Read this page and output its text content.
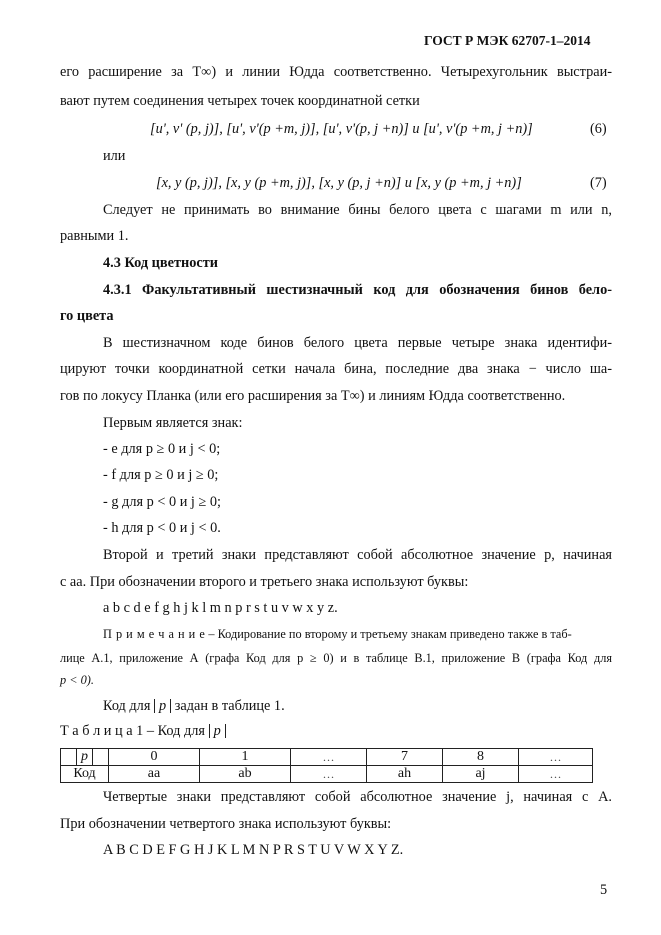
ГОСТ Р МЭК 62707-1–2014
его расширение за T∞) и линии Юдда соответственно. Четырехугольник выстраи-
вают путем соединения четырех точек координатной сетки
[u', v' (p, j)], [u', v'(p +m, j)], [u', v'(p, j +n)] и [u', v'(p +m, j +n)]	(6)
или
[x, y (p, j)], [x, y (p +m, j)], [x, y (p, j +n)] и [x, y (p +m, j +n)]	(7)
Следует не принимать во внимание бины белого цвета с шагами m или n,
равными 1.
4.3 Код цветности
4.3.1 Факультативный шестизначный код для обозначения бинов бело-
го цвета
В шестизначном коде бинов белого цвета первые четыре знака идентифи-
цируют точки координатной сетки начала бина, последние два знака − число ша-
гов по локусу Планка (или его расширения за T∞) и линиям Юдда соответственно.
Первым является знак:
- e для p ≥ 0 и j < 0;
- f для p ≥ 0 и j ≥ 0;
- g для p < 0 и j ≥ 0;
- h для p < 0 и j < 0.
Второй и третий знаки представляют собой абсолютное значение p, начиная
с аа. При обозначении второго и третьего знака используют буквы:
a b c d e f g h j k l m n p r s t u v w x y z.
П р и м е ч а н и е – Кодирование по второму и третьему знакам приведено также в таб-
лице А.1, приложение А (графа Код для p ≥ 0) и в таблице В.1, приложение В (графа Код для
p < 0).
Код для p задан в таблице 1.
Т а б л и ц а 1 – Код для p
p	0	1	…	7	8	…
Код	aa	ab	…	ah	aj	…
Четвертые знаки представляют собой абсолютное значение j, начиная с А.
При обозначении четвертого знака используют буквы:
A B C D E F G H J K L M N P R S T U V W X Y Z.
5
